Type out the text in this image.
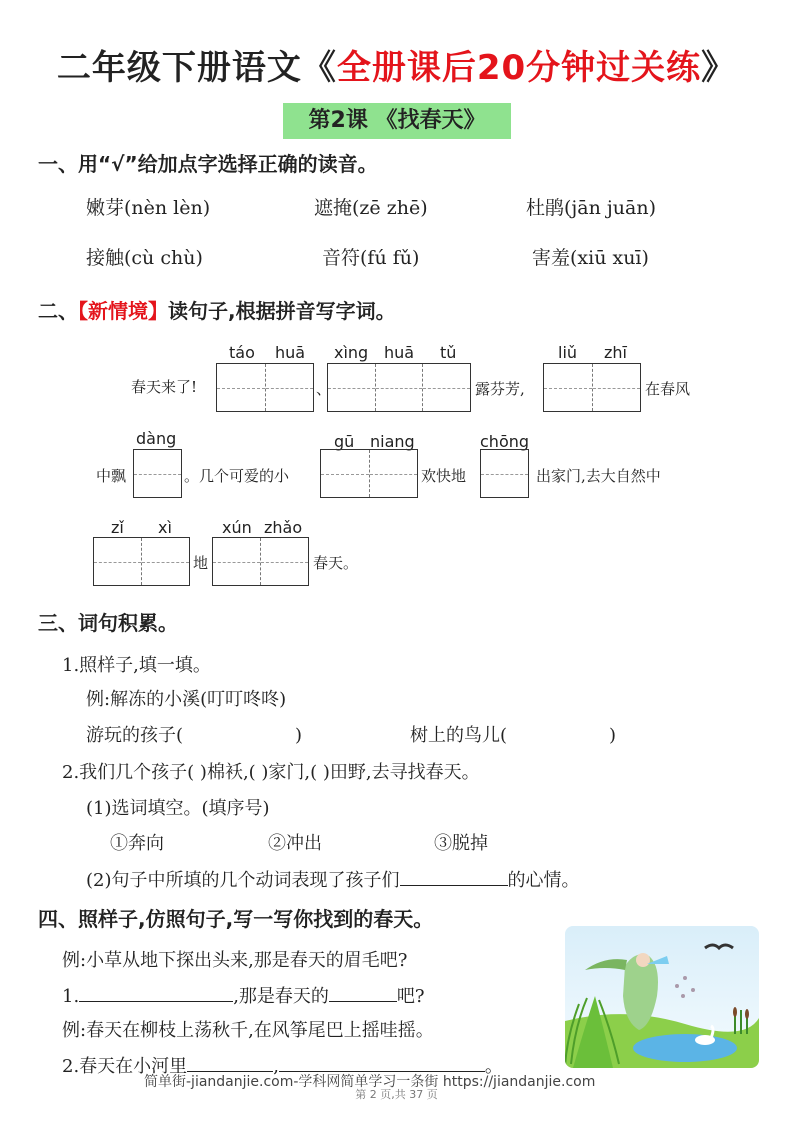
二年级下册语文《全册课后20分钟过关练》
第2课 《找春天》
一、用“√”给加点字选择正确的读音。
嫩芽(nèn lèn)	遮掩(zē zhē)	杜鹃(jān juān)
接触(cù chù)	音符(fú fǔ)	害羞(xiū xuī)
二、【新情境】读句子,根据拼音写字词。
táo huā xìng huā tǔ	liǔ zhī
春天来了!	、	露芬芳,	在春风
dàng	gū niang	chōng
中飘	。几个可爱的小	欢快地	出家门,去大自然中
zǐ xì	xún zhǎo
地	春天。
三、词句积累。
1.照样子,填一填。
例:解冻的小溪(叮叮咚咚)
游玩的孩子(	)	树上的鸟儿(	)
2.我们几个孩子( )棉袄,( )家门,( )田野,去寻找春天。
(1)选词填空。(填序号)
①奔向	②冲出	③脱掉
(2)句子中所填的几个动词表现了孩子们	的心情。
四、照样子,仿照句子,写一写你找到的春天。
例:小草从地下探出头来,那是春天的眉毛吧?
1.	,那是春天的	吧?
例:春天在柳枝上荡秋千,在风筝尾巴上摇哇摇。
2.春天在小河里	,	。
简单街-jiandanjie.com-学科网简单学习一条街 https://jiandanjie.com
第 2 页,共 37 页
